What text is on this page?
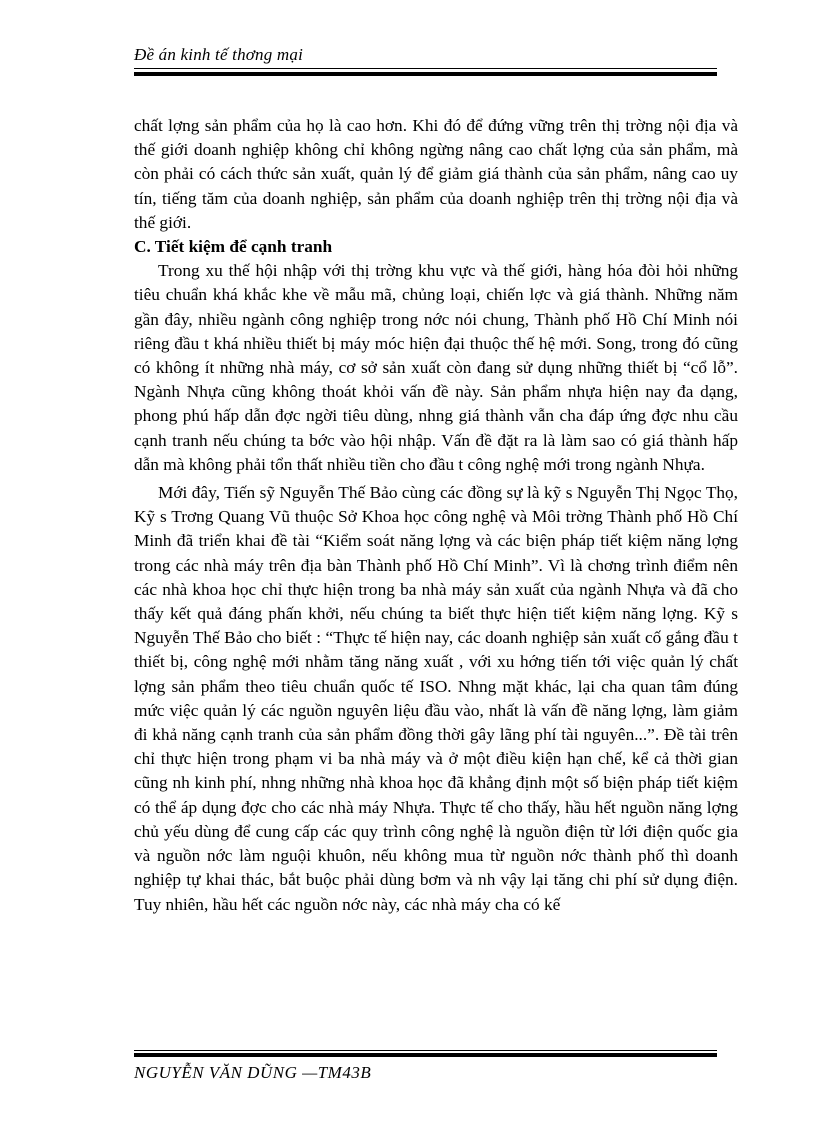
Đề án kinh tế thơng mại

chất lợng sản phẩm của họ là cao hơn. Khi đó để đứng vững trên thị trờng nội địa và thế giới doanh nghiệp không chỉ không ngừng nâng cao chất lợng của sản phẩm, mà còn phải có cách thức sản xuất, quản lý để giảm giá thành của sản phẩm, nâng cao uy tín, tiếng tăm của doanh nghiệp, sản phẩm của doanh nghiệp trên thị trờng nội địa và thế giới.

C. Tiết kiệm để cạnh tranh

Trong xu thế hội nhập với thị trờng khu vực và thế giới, hàng hóa đòi hỏi những tiêu chuẩn khá khắc khe về mẫu mã, chủng loại, chiến lợc và giá thành. Những năm gần đây, nhiều ngành công nghiệp trong nớc nói chung, Thành phố Hồ Chí Minh nói riêng đầu t khá nhiều thiết bị máy móc hiện đại thuộc thế hệ mới. Song, trong đó cũng có không ít những nhà máy, cơ sở sản xuất còn đang sử dụng những thiết bị “cổ lỗ”. Ngành Nhựa cũng không thoát khỏi vấn đề này. Sản phẩm nhựa hiện nay đa dạng, phong phú hấp dẫn đợc ngời tiêu dùng, nhng giá thành vẫn cha đáp ứng đợc nhu cầu cạnh tranh nếu chúng ta bớc vào hội nhập. Vấn đề đặt ra là làm sao có giá thành hấp dẫn mà không phải tổn thất nhiều tiền cho đầu t công nghệ mới trong ngành Nhựa.

Mới đây, Tiến sỹ Nguyễn Thế Bảo cùng các đồng sự là kỹ s Nguyễn Thị Ngọc Thọ, Kỹ s Trơng Quang Vũ thuộc Sở Khoa học công nghệ và Môi trờng Thành phố Hồ Chí Minh đã triển khai đề tài “Kiểm soát năng lợng và các biện pháp tiết kiệm năng lợng trong các nhà máy trên địa bàn Thành phố Hồ Chí Minh”. Vì là chơng trình điểm nên các nhà khoa học chỉ thực hiện trong ba nhà máy sản xuất của ngành Nhựa và đã cho thấy kết quả đáng phấn khởi, nếu chúng ta biết thực hiện tiết kiệm năng lợng. Kỹ s Nguyễn Thế Bảo cho biết : “Thực tế hiện nay, các doanh nghiệp sản xuất cố gắng đầu t thiết bị, công nghệ mới nhằm tăng năng xuất , với xu hớng tiến tới việc quản lý chất lợng sản phẩm theo tiêu chuẩn quốc tế ISO. Nhng mặt khác, lại cha quan tâm đúng mức việc quản lý các nguồn nguyên liệu đầu vào, nhất là vấn đề năng lợng, làm giảm đi khả năng cạnh tranh của sản phẩm đồng thời gây lãng phí tài nguyên...”. Đề tài trên chỉ thực hiện trong phạm vi ba nhà máy và ở một điều kiện hạn chế, kể cả thời gian cũng nh kinh phí, nhng những nhà khoa học đã khẳng định một số biện pháp tiết kiệm có thể áp dụng đợc cho các nhà máy Nhựa. Thực tế cho thấy, hầu hết nguồn năng lợng chủ yếu dùng để cung cấp các quy trình công nghệ là nguồn điện từ lới điện quốc gia và nguồn nớc làm nguội khuôn, nếu không mua từ nguồn nớc thành phố thì doanh nghiệp tự khai thác, bắt buộc phải dùng bơm và nh vậy lại tăng chi phí sử dụng điện. Tuy nhiên, hầu hết các nguồn nớc này, các nhà máy cha có kế

NGUYỄN VĂN DŨNG —TM43B
